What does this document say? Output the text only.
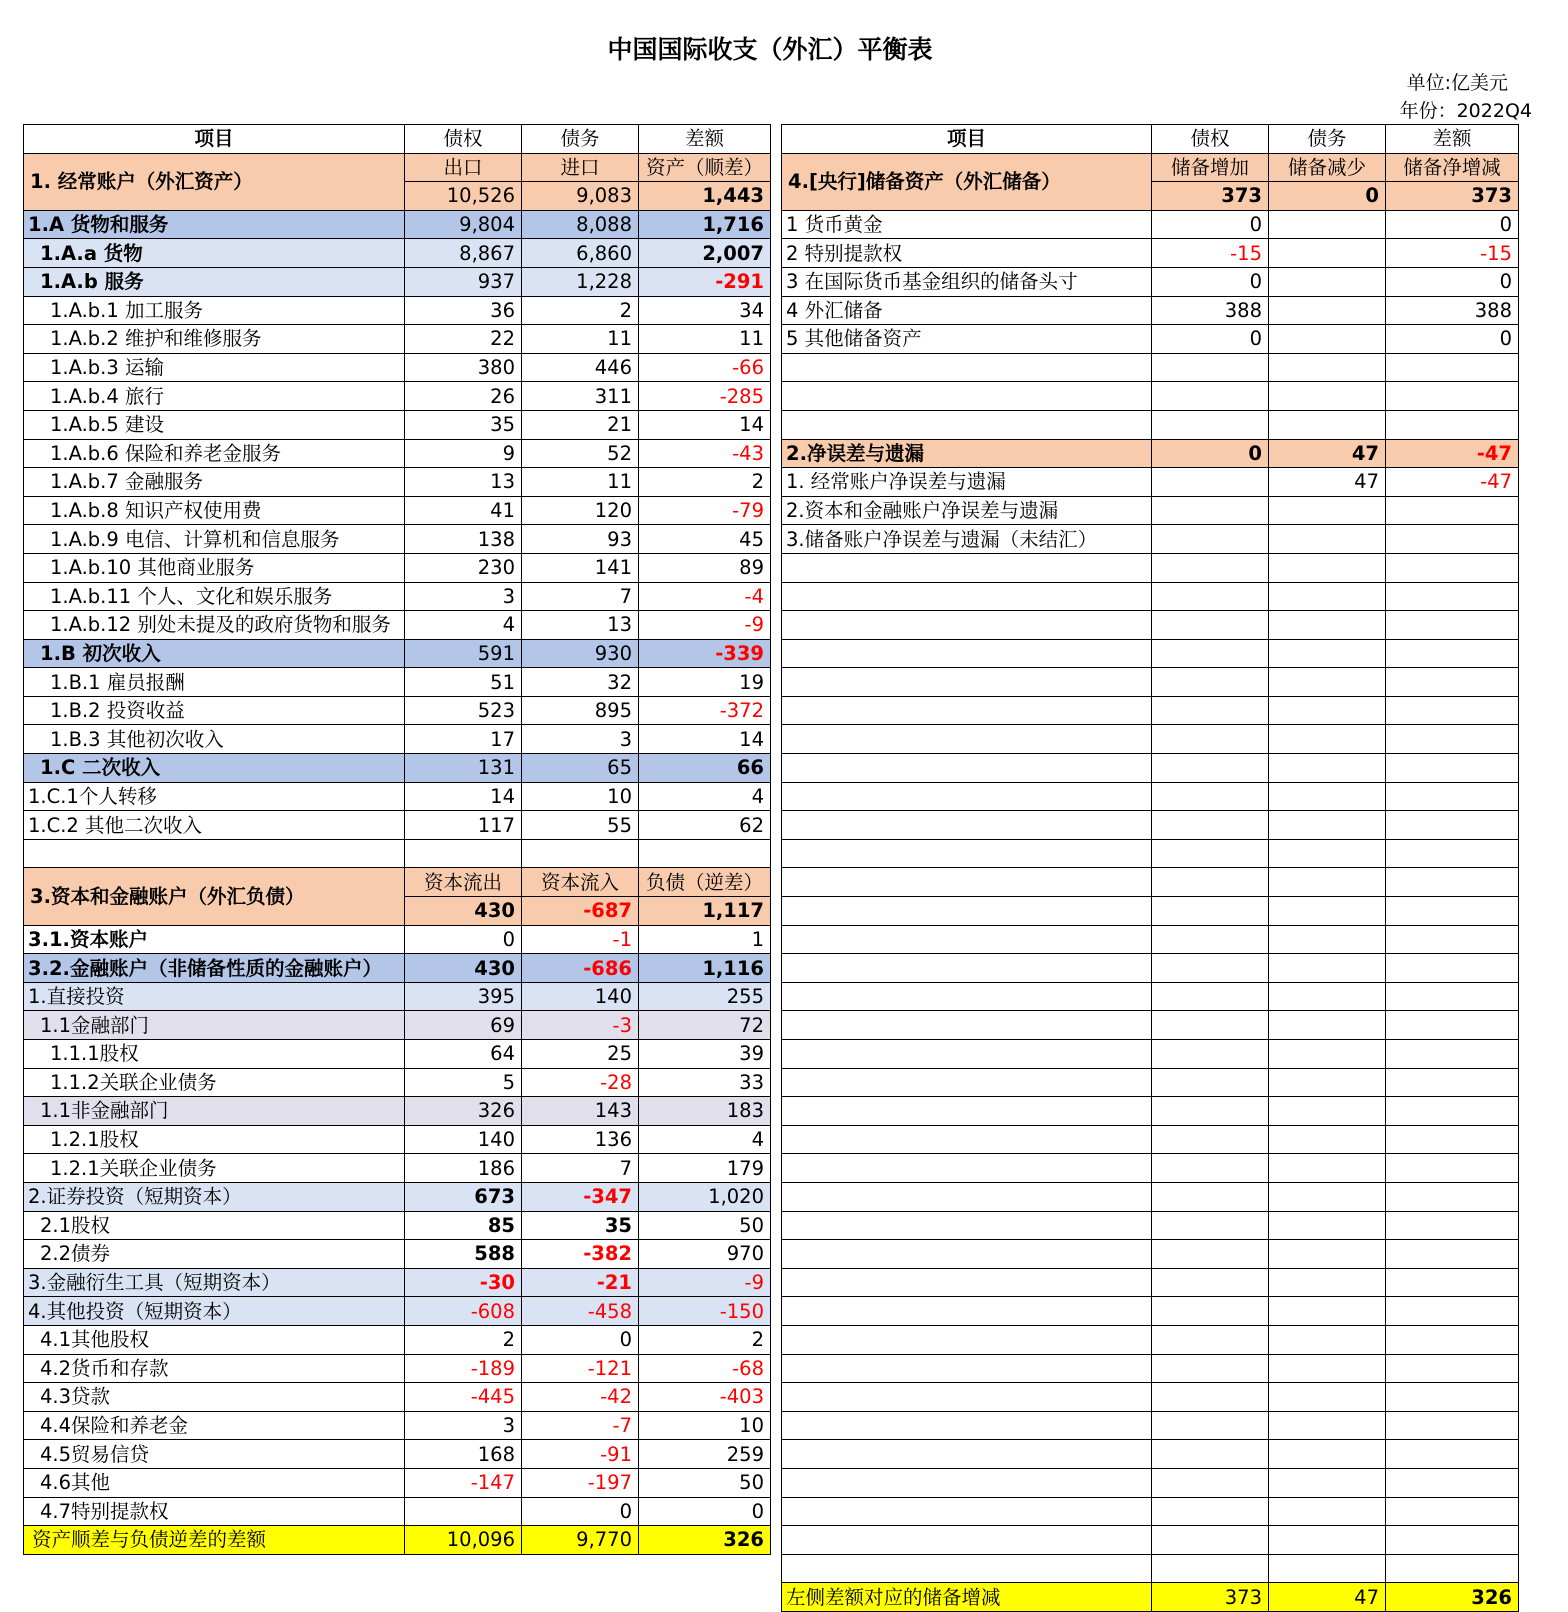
中国国际收支（外汇）平衡表
单位:亿美元
年份：2022Q4
项目	债权	债务	差额
1. 经常账户（外汇资产）	出口	进口	资产（顺差）
	10,526	9,083	1,443
1.A 货物和服务	9,804	8,088	1,716
1.A.a 货物	8,867	6,860	2,007
1.A.b 服务	937	1,228	-291
1.A.b.1 加工服务	36	2	34
1.A.b.2 维护和维修服务	22	11	11
1.A.b.3 运输	380	446	-66
1.A.b.4 旅行	26	311	-285
1.A.b.5 建设	35	21	14
1.A.b.6 保险和养老金服务	9	52	-43
1.A.b.7 金融服务	13	11	2
1.A.b.8 知识产权使用费	41	120	-79
1.A.b.9 电信、计算机和信息服务	138	93	45
1.A.b.10 其他商业服务	230	141	89
1.A.b.11 个人、文化和娱乐服务	3	7	-4
1.A.b.12 别处未提及的政府货物和服务	4	13	-9
1.B 初次收入	591	930	-339
1.B.1 雇员报酬	51	32	19
1.B.2 投资收益	523	895	-372
1.B.3 其他初次收入	17	3	14
1.C 二次收入	131	65	66
1.C.1个人转移	14	10	4
1.C.2 其他二次收入	117	55	62

3.资本和金融账户（外汇负债）	资本流出	资本流入	负债（逆差）
	430	-687	1,117
3.1.资本账户	0	-1	1
3.2.金融账户（非储备性质的金融账户）	430	-686	1,116
1.直接投资	395	140	255
1.1金融部门	69	-3	72
1.1.1股权	64	25	39
1.1.2关联企业债务	5	-28	33
1.1非金融部门	326	143	183
1.2.1股权	140	136	4
1.2.1关联企业债务	186	7	179
2.证券投资（短期资本）	673	-347	1,020
2.1股权	85	35	50
2.2债券	588	-382	970
3.金融衍生工具（短期资本）	-30	-21	-9
4.其他投资（短期资本）	-608	-458	-150
4.1其他股权	2	0	2
4.2货币和存款	-189	-121	-68
4.3贷款	-445	-42	-403
4.4保险和养老金	3	-7	10
4.5贸易信贷	168	-91	259
4.6其他	-147	-197	50
4.7特别提款权		0	0
资产顺差与负债逆差的差额	10,096	9,770	326
项目	债权	债务	差额
4.[央行]储备资产（外汇储备）	储备增加	储备减少	储备净增减
	373	0	373
1 货币黄金	0		0
2 特别提款权	-15		-15
3 在国际货币基金组织的储备头寸	0		0
4 外汇储备	388		388
5 其他储备资产	0		0

2.净误差与遗漏	0	47	-47
1. 经常账户净误差与遗漏		47	-47
2.资本和金融账户净误差与遗漏			
3.储备账户净误差与遗漏（未结汇）			

左侧差额对应的储备增减	373	47	326
